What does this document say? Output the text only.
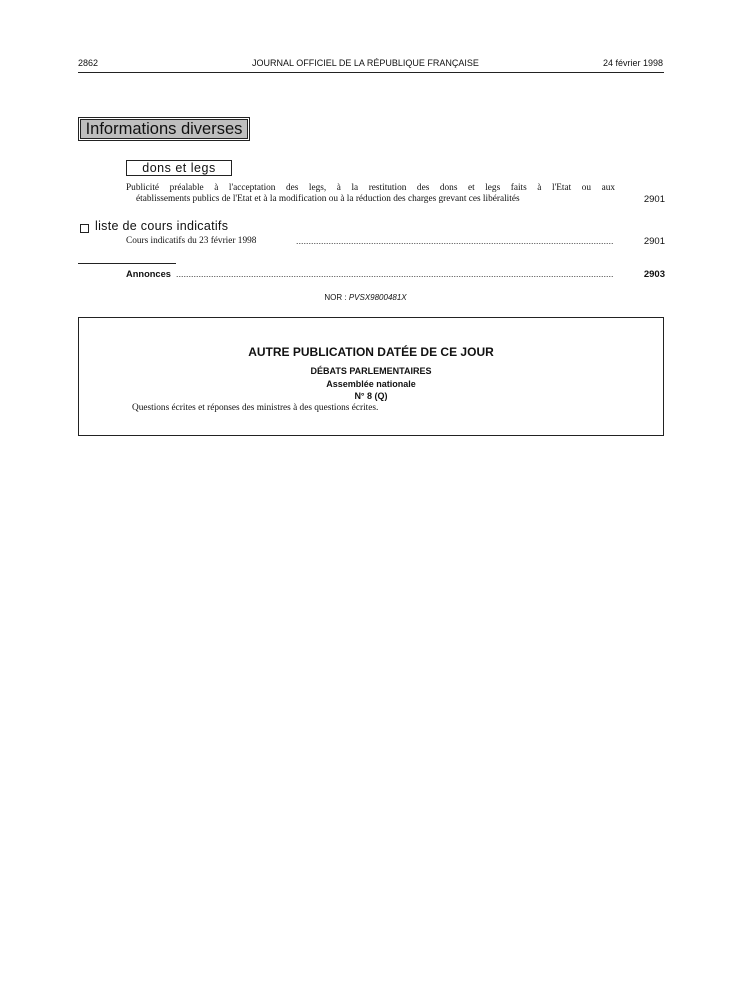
2862	JOURNAL OFFICIEL DE LA RÉPUBLIQUE FRANÇAISE	24 février 1998
Informations diverses
dons et legs
Publicité préalable à l'acceptation des legs, à la restitution des dons et legs faits à l'Etat ou aux
établissements publics de l'Etat et à la modification ou à la réduction des charges grevant ces libéralités	2901
liste de cours indicatifs
Cours indicatifs du 23 février 1998	2901
Annonces	2903
NOR : PVSX9800481X
AUTRE PUBLICATION DATÉE DE CE JOUR
DÉBATS PARLEMENTAIRES
Assemblée nationale
N° 8 (Q)
Questions écrites et réponses des ministres à des questions écrites.
